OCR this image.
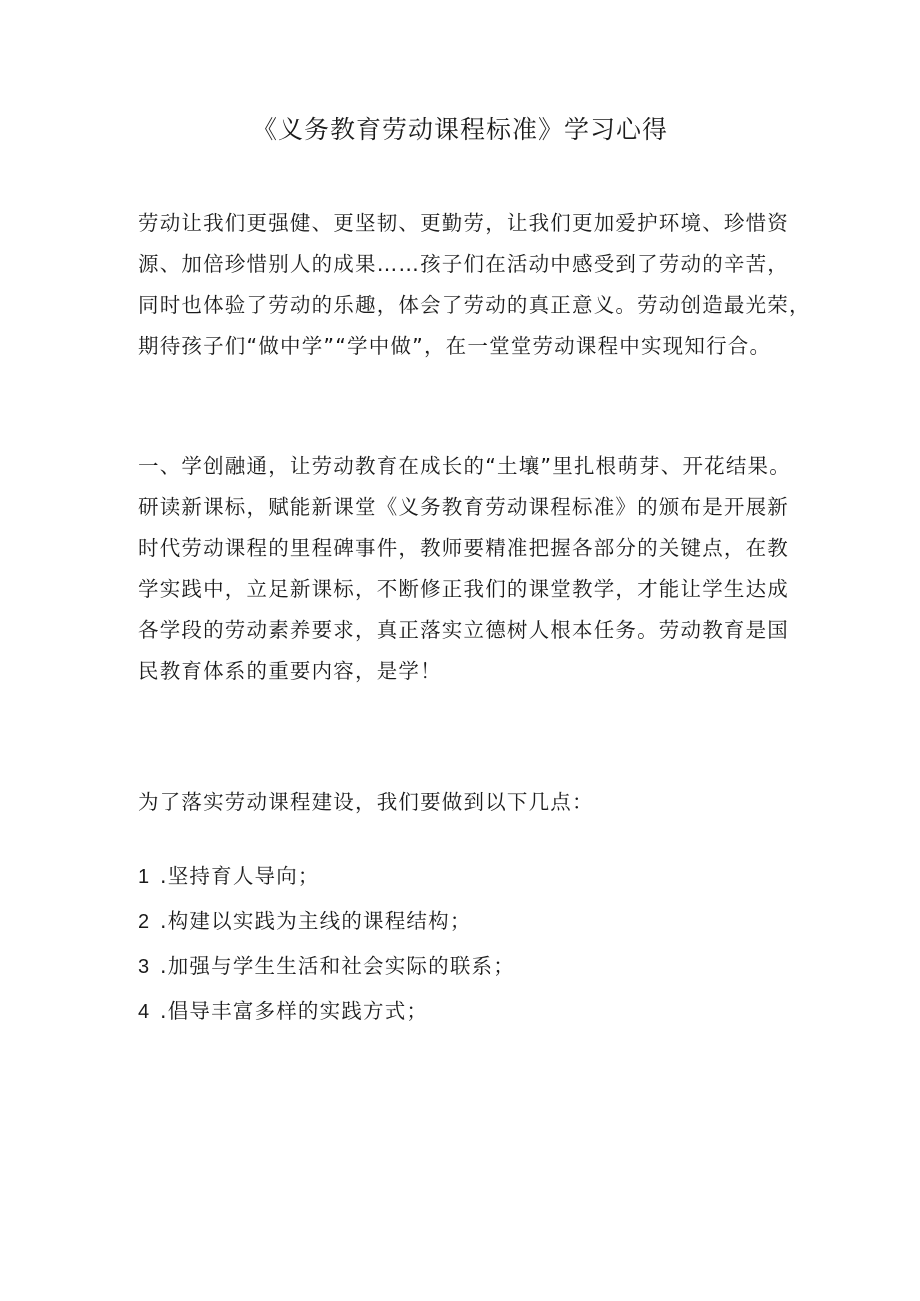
《义务教育劳动课程标准》学习心得

劳动让我们更强健、更坚韧、更勤劳，让我们更加爱护环境、珍惜资
源、加倍珍惜别人的成果……孩子们在活动中感受到了劳动的辛苦，
同时也体验了劳动的乐趣，体会了劳动的真正意义。劳动创造最光荣，
期待孩子们“做中学”“学中做”，在一堂堂劳动课程中实现知行合。

一、学创融通，让劳动教育在成长的“土壤”里扎根萌芽、开花结果。
研读新课标，赋能新课堂《义务教育劳动课程标准》的颁布是开展新
时代劳动课程的里程碑事件，教师要精准把握各部分的关键点，在教
学实践中，立足新课标，不断修正我们的课堂教学，才能让学生达成
各学段的劳动素养要求，真正落实立德树人根本任务。劳动教育是国
民教育体系的重要内容，是学！

为了落实劳动课程建设，我们要做到以下几点：

1 .坚持育人导向；
2 .构建以实践为主线的课程结构；
3 .加强与学生生活和社会实际的联系；
4 .倡导丰富多样的实践方式；
